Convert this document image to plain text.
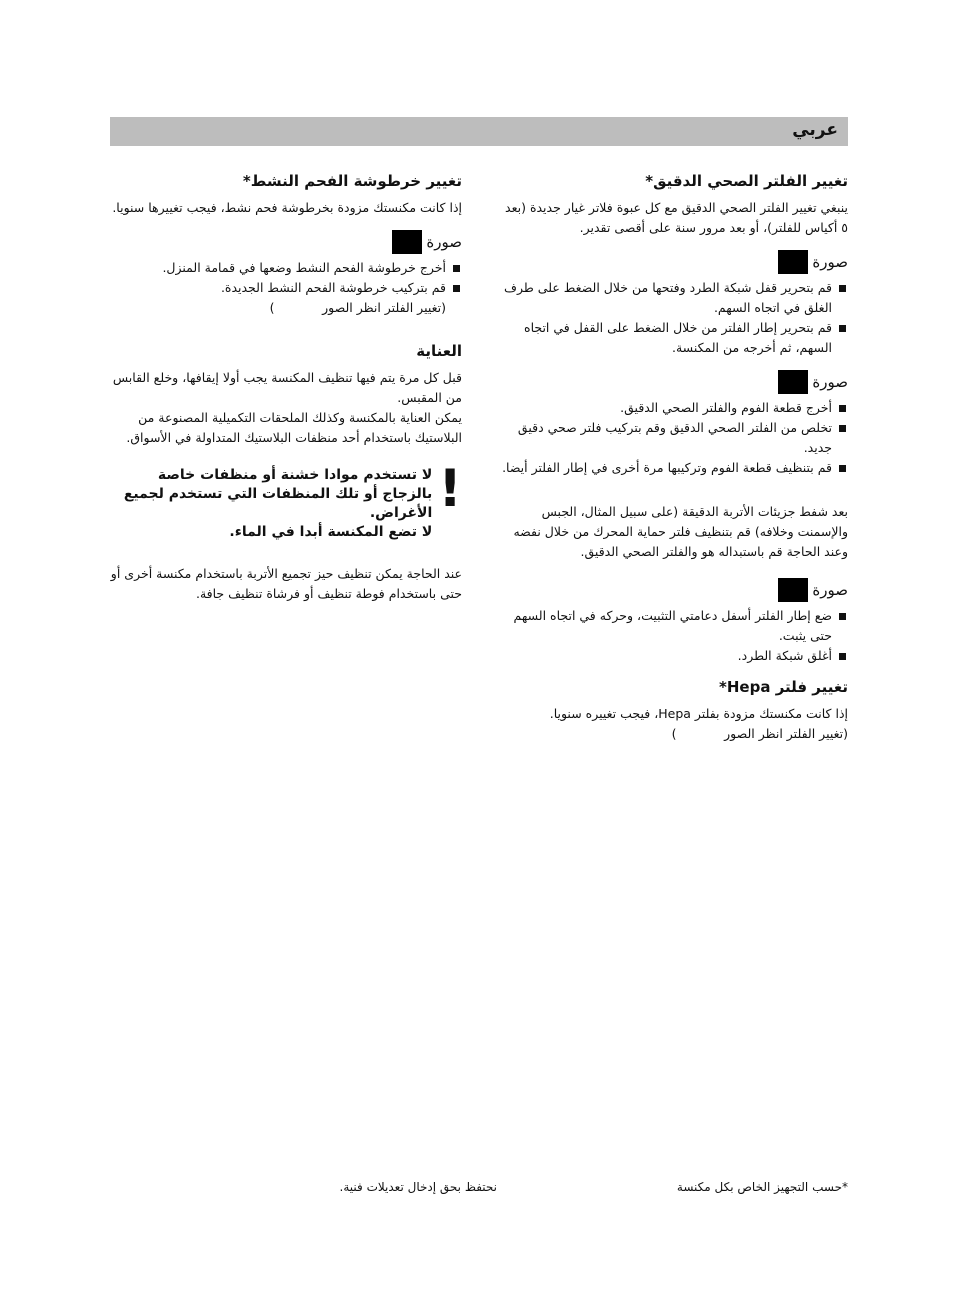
عربي
تغيير الفلتر الصحي الدقيق*

ينبغي تغيير الفلتر الصحي الدقيق مع كل عبوة فلاتر غيار جديدة (بعد ٥ أكياس للفلتر)، أو بعد مرور سنة على أقصى تقدير.

صورة
قم بتحرير قفل شبكة الطرد وفتحها من خلال الضغط على طرف الغلق في اتجاه السهم.
قم بتحرير إطار الفلتر من خلال الضغط على القفل في اتجاه السهم، ثم أخرجه من المكنسة.
صورة
أخرج قطعة الفوم والفلتر الصحي الدقيق.
تخلص من الفلتر الصحي الدقيق وقم بتركيب فلتر صحي دقيق جديد.
قم بتنظيف قطعة الفوم وتركيبها مرة أخرى في إطار الفلتر أيضا.

بعد شفط جزيئات الأتربة الدقيقة (على سبيل المثال، الجبس والإسمنت وخلافه) قم بتنظيف فلتر حماية المحرك من خلال نفضه وعند الحاجة قم باستبداله هو والفلتر الصحي الدقيق.

صورة
ضع إطار الفلتر أسفل دعامتي التثبيت، وحركه في اتجاه السهم حتى يثبت.
أغلق شبكة الطرد.
تغيير فلتر Hepa*

إذا كانت مكنستك مزودة بفلتر Hepa، فيجب تغييره سنويا.

(تغيير الفلتر انظر الصور            )

تغيير خرطوشة الفحم النشط*

إذا كانت مكنستك مزودة بخرطوشة فحم نشط، فيجب تغييرها سنويا.

صورة
أخرج خرطوشة الفحم النشط وضعها في قمامة المنزل.
قم بتركيب خرطوشة الفحم النشط الجديدة.

(تغيير الفلتر انظر الصور            )

العناية

قبل كل مرة يتم فيها تنظيف المكنسة يجب أولا إيقافها، وخلع القابس من المقبس.

يمكن العناية بالمكنسة وكذلك الملحقات التكميلية المصنوعة من البلاستيك باستخدام أحد منظفات البلاستيك المتداولة في الأسواق.

!

لا تستخدم موادا خشنة أو منظفات خاصة بالزجاج أو تلك المنظفات التي تستخدم لجميع الأغراض.

لا تضع المكنسة أبدا في الماء.

عند الحاجة يمكن تنظيف حيز تجميع الأتربة باستخدام مكنسة أخرى أو حتى باستخدام فوطة تنظيف أو فرشاة تنظيف جافة.

*حسب التجهيز الخاص بكل مكنسة
نحتفظ بحق إدخال تعديلات فنية.
